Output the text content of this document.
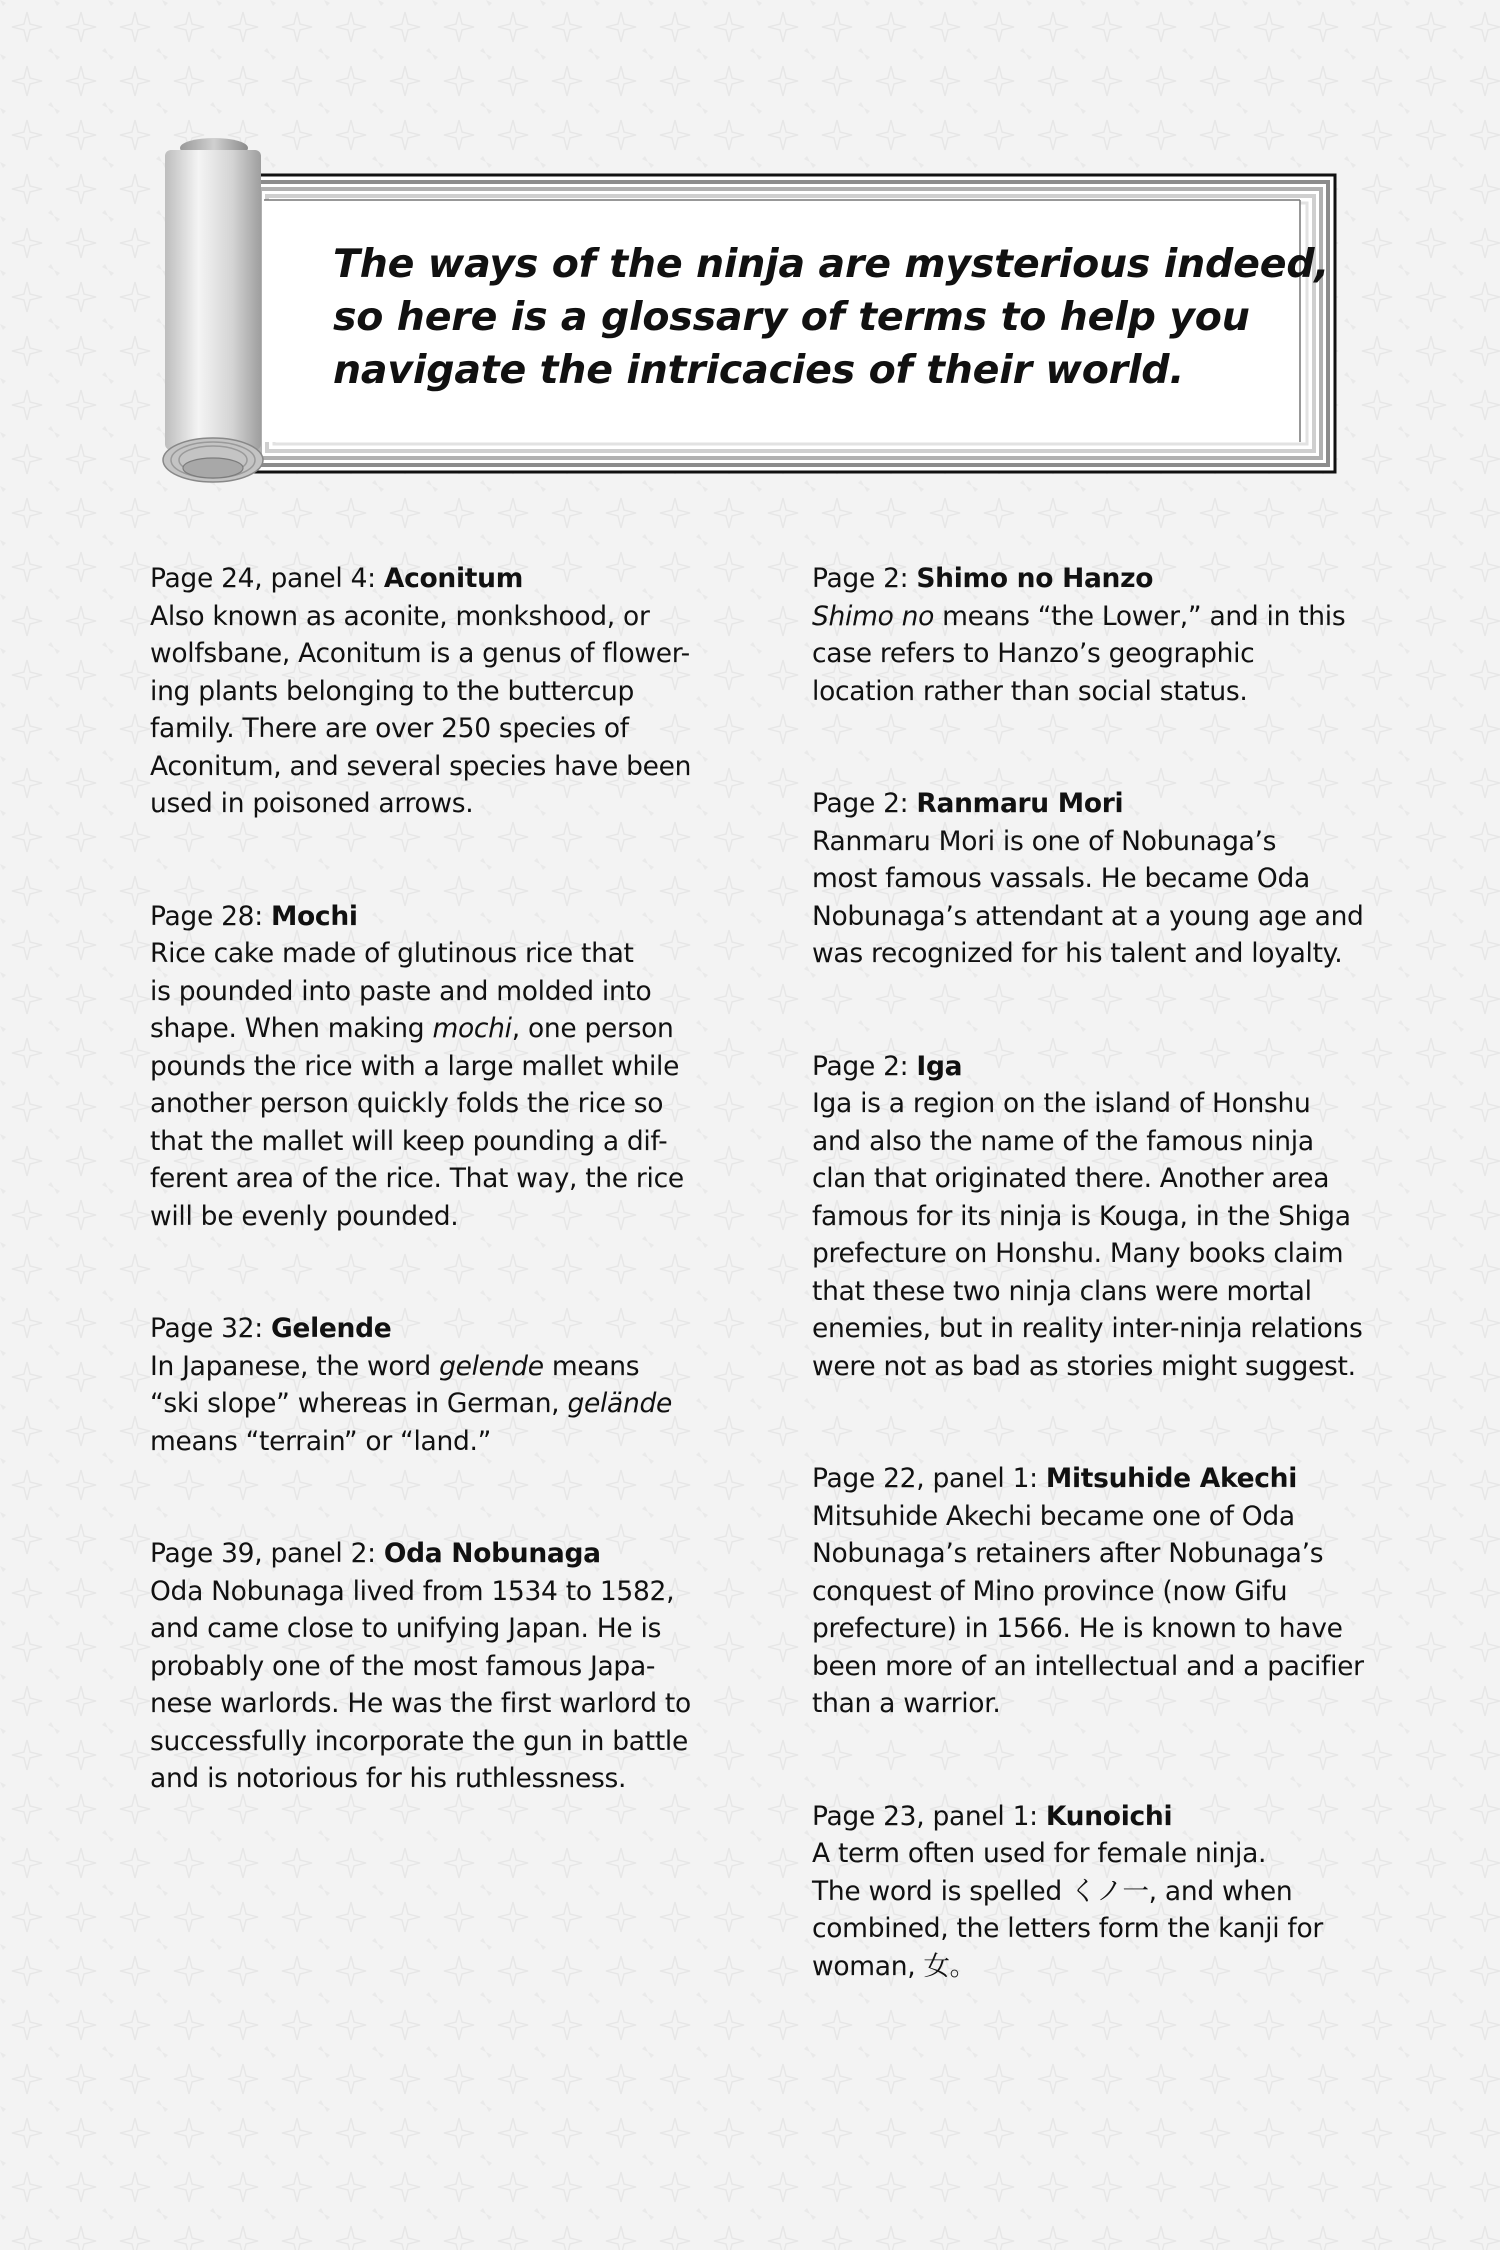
The ways of the ninja are mysterious indeed,
so here is a glossary of terms to help you
navigate the intricacies of their world.
Page 24, panel 4: Aconitum
Also known as aconite, monkshood, or
wolfsbane, Aconitum is a genus of flower-
ing plants belonging to the buttercup
family. There are over 250 species of
Aconitum, and several species have been
used in poisoned arrows.
Page 28: Mochi
Rice cake made of glutinous rice that
is pounded into paste and molded into
shape. When making mochi, one person
pounds the rice with a large mallet while
another person quickly folds the rice so
that the mallet will keep pounding a dif-
ferent area of the rice. That way, the rice
will be evenly pounded.
Page 32: Gelende
In Japanese, the word gelende means
“ski slope” whereas in German, gelände
means “terrain” or “land.”
Page 39, panel 2: Oda Nobunaga
Oda Nobunaga lived from 1534 to 1582,
and came close to unifying Japan. He is
probably one of the most famous Japa-
nese warlords. He was the first warlord to
successfully incorporate the gun in battle
and is notorious for his ruthlessness.
Page 2: Shimo no Hanzo
Shimo no means “the Lower,” and in this
case refers to Hanzo’s geographic
location rather than social status.
Page 2: Ranmaru Mori
Ranmaru Mori is one of Nobunaga’s
most famous vassals. He became Oda
Nobunaga’s attendant at a young age and
was recognized for his talent and loyalty.
Page 2: Iga
Iga is a region on the island of Honshu
and also the name of the famous ninja
clan that originated there. Another area
famous for its ninja is Kouga, in the Shiga
prefecture on Honshu. Many books claim
that these two ninja clans were mortal
enemies, but in reality inter-ninja relations
were not as bad as stories might suggest.
Page 22, panel 1: Mitsuhide Akechi
Mitsuhide Akechi became one of Oda
Nobunaga’s retainers after Nobunaga’s
conquest of Mino province (now Gifu
prefecture) in 1566. He is known to have
been more of an intellectual and a pacifier
than a warrior.
Page 23, panel 1: Kunoichi
A term often used for female ninja.
The word is spelled くノ一, and when
combined, the letters form the kanji for
woman, 女。
